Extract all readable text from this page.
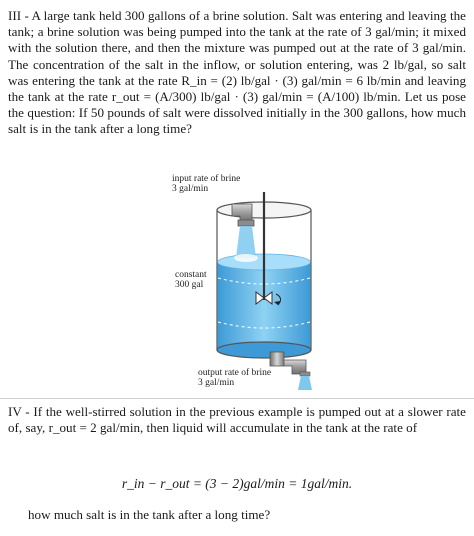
III - A large tank held 300 gallons of a brine solution. Salt was entering and leaving the tank; a brine solution was being pumped into the tank at the rate of 3 gal/min; it mixed with the solution there, and then the mixture was pumped out at the rate of 3 gal/min. The concentration of the salt in the inflow, or solution entering, was 2 lb/gal, so salt was entering the tank at the rate R_in = (2) lb/gal · (3) gal/min = 6 lb/min and leaving the tank at the rate r_out = (A/300) lb/gal · (3) gal/min = (A/100) lb/min. Let us pose the question: If 50 pounds of salt were dissolved initially in the 300 gallons, how much salt is in the tank after a long time?
input rate of brine
3 gal/min
constant
300 gal
output rate of brine
3 gal/min
IV - If the well-stirred solution in the previous example is pumped out at a slower rate of, say, r_out = 2 gal/min, then liquid will accumulate in the tank at the rate of
r_in − r_out = (3 − 2)gal/min = 1gal/min.
how much salt is in the tank after a long time?
